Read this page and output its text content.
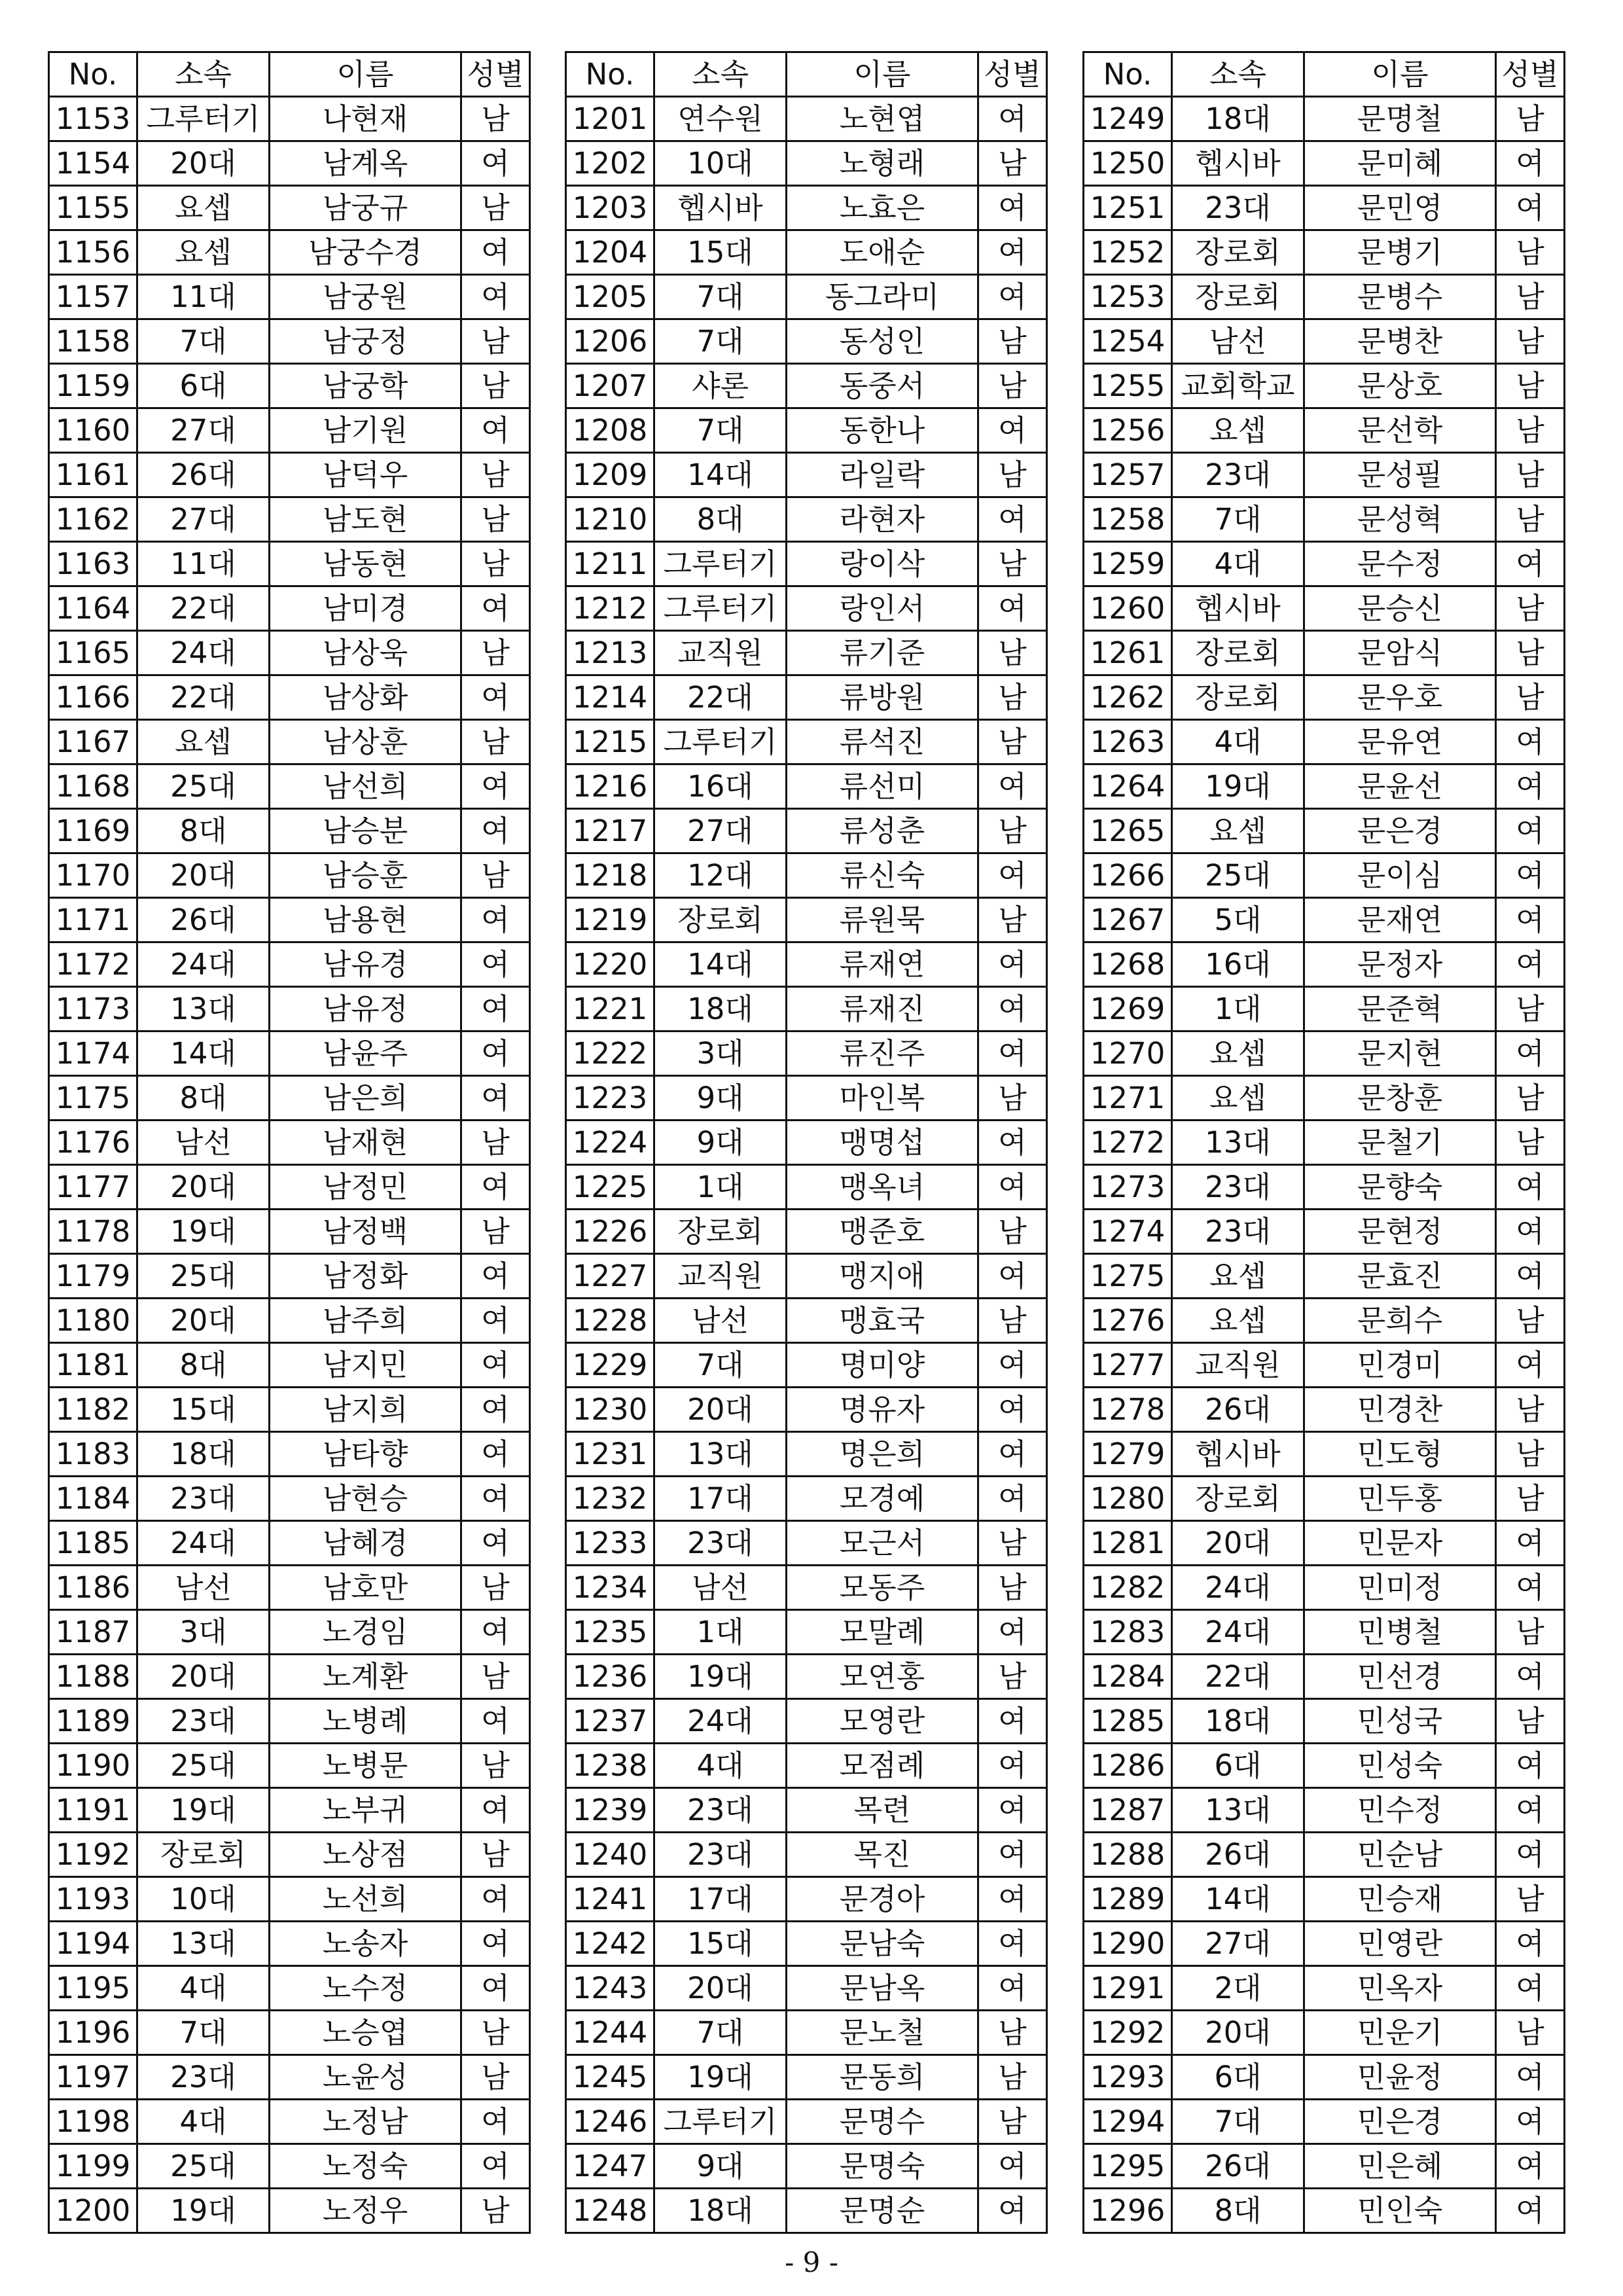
No.	소속	이름	성별
1153	그루터기	나현재	남
1154	20대	남계옥	여
1155	요셉	남궁규	남
1156	요셉	남궁수경	여
1157	11대	남궁원	여
1158	7대	남궁정	남
1159	6대	남궁학	남
1160	27대	남기원	여
1161	26대	남덕우	남
1162	27대	남도현	남
1163	11대	남동현	남
1164	22대	남미경	여
1165	24대	남상욱	남
1166	22대	남상화	여
1167	요셉	남상훈	남
1168	25대	남선희	여
1169	8대	남승분	여
1170	20대	남승훈	남
1171	26대	남용현	여
1172	24대	남유경	여
1173	13대	남유정	여
1174	14대	남윤주	여
1175	8대	남은희	여
1176	남선	남재현	남
1177	20대	남정민	여
1178	19대	남정백	남
1179	25대	남정화	여
1180	20대	남주희	여
1181	8대	남지민	여
1182	15대	남지희	여
1183	18대	남타향	여
1184	23대	남현승	여
1185	24대	남혜경	여
1186	남선	남호만	남
1187	3대	노경임	여
1188	20대	노계환	남
1189	23대	노병례	여
1190	25대	노병문	남
1191	19대	노부귀	여
1192	장로회	노상점	남
1193	10대	노선희	여
1194	13대	노송자	여
1195	4대	노수정	여
1196	7대	노승엽	남
1197	23대	노윤성	남
1198	4대	노정남	여
1199	25대	노정숙	여
1200	19대	노정우	남
No.	소속	이름	성별
1201	연수원	노현엽	여
1202	10대	노형래	남
1203	헵시바	노효은	여
1204	15대	도애순	여
1205	7대	동그라미	여
1206	7대	동성인	남
1207	샤론	동중서	남
1208	7대	동한나	여
1209	14대	라일락	남
1210	8대	라현자	여
1211	그루터기	랑이삭	남
1212	그루터기	랑인서	여
1213	교직원	류기준	남
1214	22대	류방원	남
1215	그루터기	류석진	남
1216	16대	류선미	여
1217	27대	류성춘	남
1218	12대	류신숙	여
1219	장로회	류원묵	남
1220	14대	류재연	여
1221	18대	류재진	여
1222	3대	류진주	여
1223	9대	마인복	남
1224	9대	맹명섭	여
1225	1대	맹옥녀	여
1226	장로회	맹준호	남
1227	교직원	맹지애	여
1228	남선	맹효국	남
1229	7대	명미양	여
1230	20대	명유자	여
1231	13대	명은희	여
1232	17대	모경예	여
1233	23대	모근서	남
1234	남선	모동주	남
1235	1대	모말례	여
1236	19대	모연홍	남
1237	24대	모영란	여
1238	4대	모점례	여
1239	23대	목련	여
1240	23대	목진	여
1241	17대	문경아	여
1242	15대	문남숙	여
1243	20대	문남옥	여
1244	7대	문노철	남
1245	19대	문동희	남
1246	그루터기	문명수	남
1247	9대	문명숙	여
1248	18대	문명순	여
No.	소속	이름	성별
1249	18대	문명철	남
1250	헵시바	문미혜	여
1251	23대	문민영	여
1252	장로회	문병기	남
1253	장로회	문병수	남
1254	남선	문병찬	남
1255	교회학교	문상호	남
1256	요셉	문선학	남
1257	23대	문성필	남
1258	7대	문성혁	남
1259	4대	문수정	여
1260	헵시바	문승신	남
1261	장로회	문암식	남
1262	장로회	문우호	남
1263	4대	문유연	여
1264	19대	문윤선	여
1265	요셉	문은경	여
1266	25대	문이심	여
1267	5대	문재연	여
1268	16대	문정자	여
1269	1대	문준혁	남
1270	요셉	문지현	여
1271	요셉	문창훈	남
1272	13대	문철기	남
1273	23대	문향숙	여
1274	23대	문현정	여
1275	요셉	문효진	여
1276	요셉	문희수	남
1277	교직원	민경미	여
1278	26대	민경찬	남
1279	헵시바	민도형	남
1280	장로회	민두홍	남
1281	20대	민문자	여
1282	24대	민미정	여
1283	24대	민병철	남
1284	22대	민선경	여
1285	18대	민성국	남
1286	6대	민성숙	여
1287	13대	민수정	여
1288	26대	민순남	여
1289	14대	민승재	남
1290	27대	민영란	여
1291	2대	민옥자	여
1292	20대	민운기	남
1293	6대	민윤정	여
1294	7대	민은경	여
1295	26대	민은혜	여
1296	8대	민인숙	여
- 9 -
